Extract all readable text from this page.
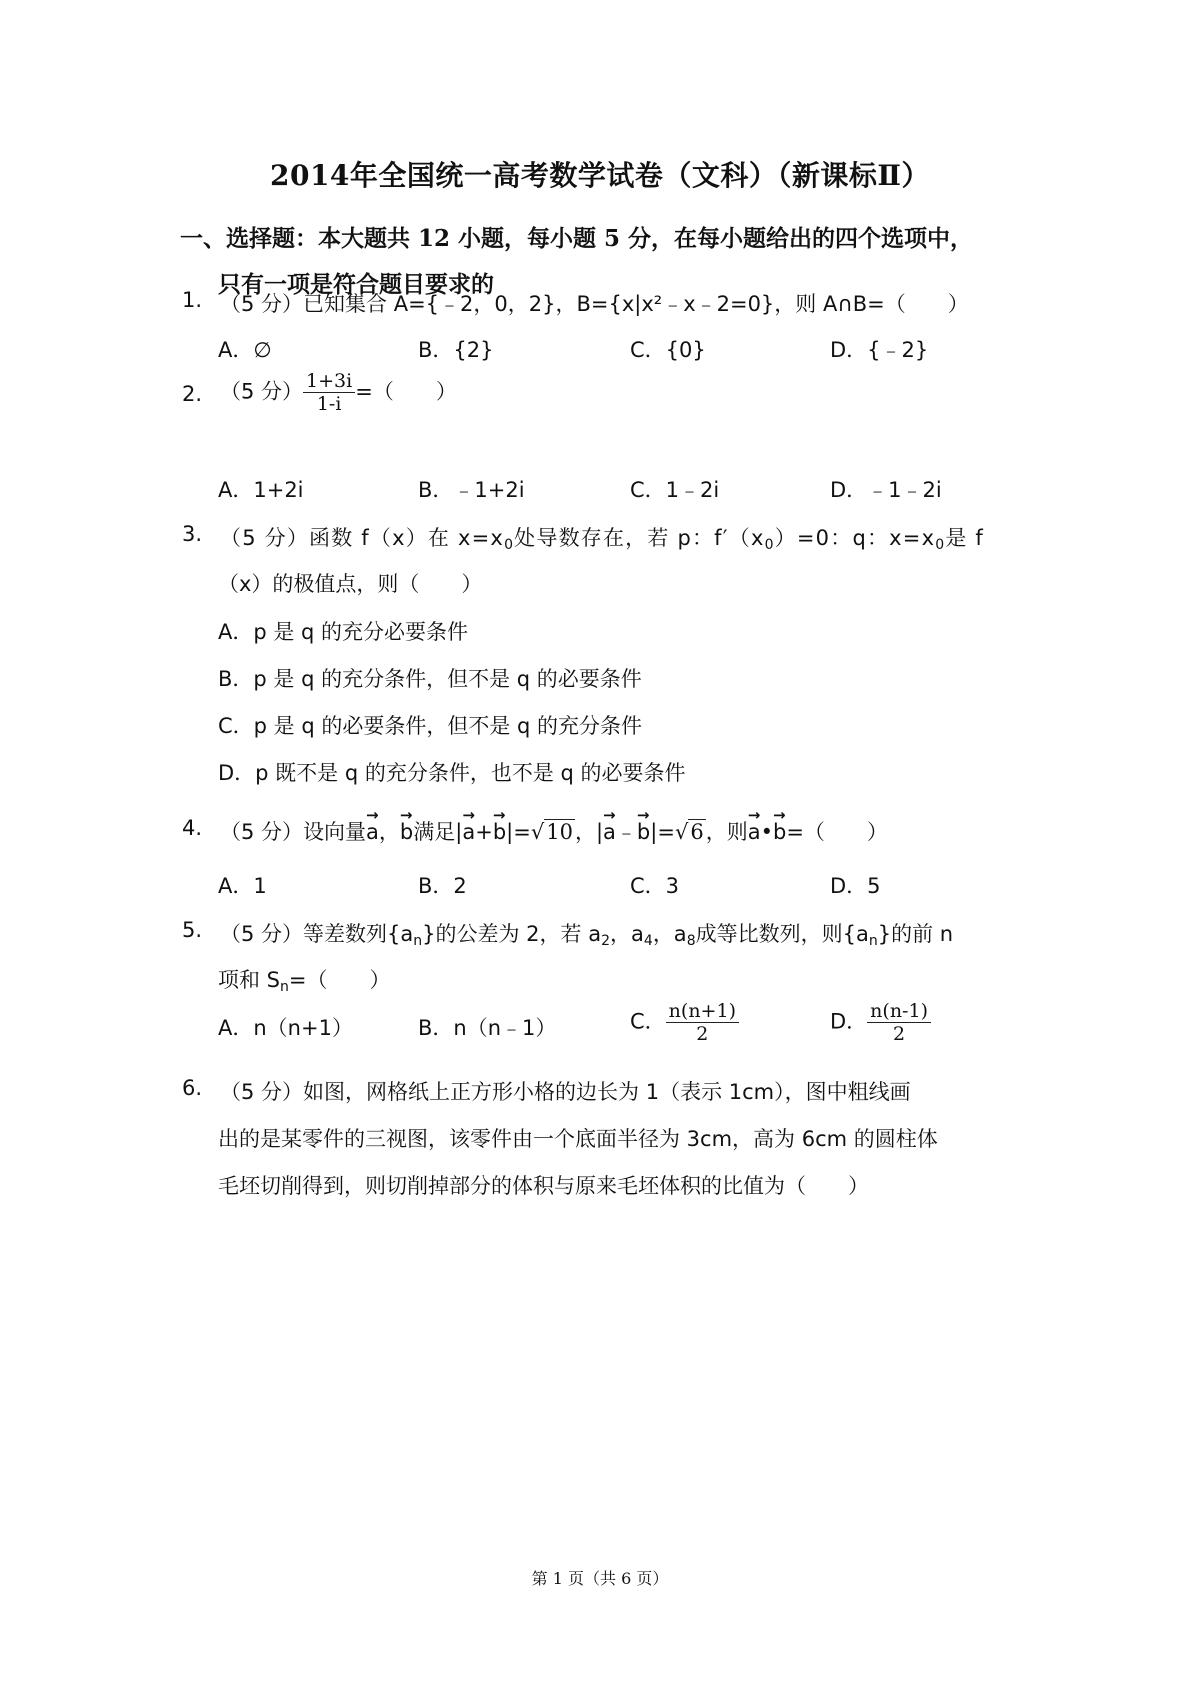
2014年全国统一高考数学试卷（文科）（新课标Ⅱ）
一、选择题：本大题共 12 小题，每小题 5 分，在每小题给出的四个选项中，
只有一项是符合题目要求的
1. （5 分）已知集合 A={﹣2，0，2}，B={x|x²﹣x﹣2=0}，则 A∩B=（　　）
A．∅	B．{2}	C．{0}	D．{﹣2}
2. （5 分） $\frac{1+3i}{1-i}$ =（　　）
A．1+2i	B．﹣1+2i	C．1﹣2i	D．﹣1﹣2i
3. （5 分）函数 f（x）在 $x=x_0$处导数存在，若 p：$f'(x_0)=0$：q：$x=x_0$是 f
（x）的极值点，则（　　）
A．p 是 q 的充分必要条件
B．p 是 q 的充分条件，但不是 q 的必要条件
C．p 是 q 的必要条件，但不是 q 的充分条件
D．p 既不是 q 的充分条件，也不是 q 的必要条件
4. （5 分）设向量→ a，→ b满足|→ a+→ b|=√10，|→ a﹣→ b|=√6，则→ a•→ b=（　　）
A．1	B．2	C．3	D．5
5. （5 分）等差数列$\{a_n\}$的公差为 2，若 $a_2$，$a_4$，$a_8$成等比数列，则$\{a_n\}$的前 n
项和 $S_n=$（　　）
A．n（n+1）	B．n（n﹣1）	C． $\frac{n(n+1)}{2}$	D． $\frac{n(n-1)}{2}$
6. （5 分）如图，网格纸上正方形小格的边长为 1（表示 1cm），图中粗线画
出的是某零件的三视图，该零件由一个底面半径为 3cm，高为 6cm 的圆柱体
毛坯切削得到，则切削掉部分的体积与原来毛坯体积的比值为（　　）
第 1 页（共 6 页）
